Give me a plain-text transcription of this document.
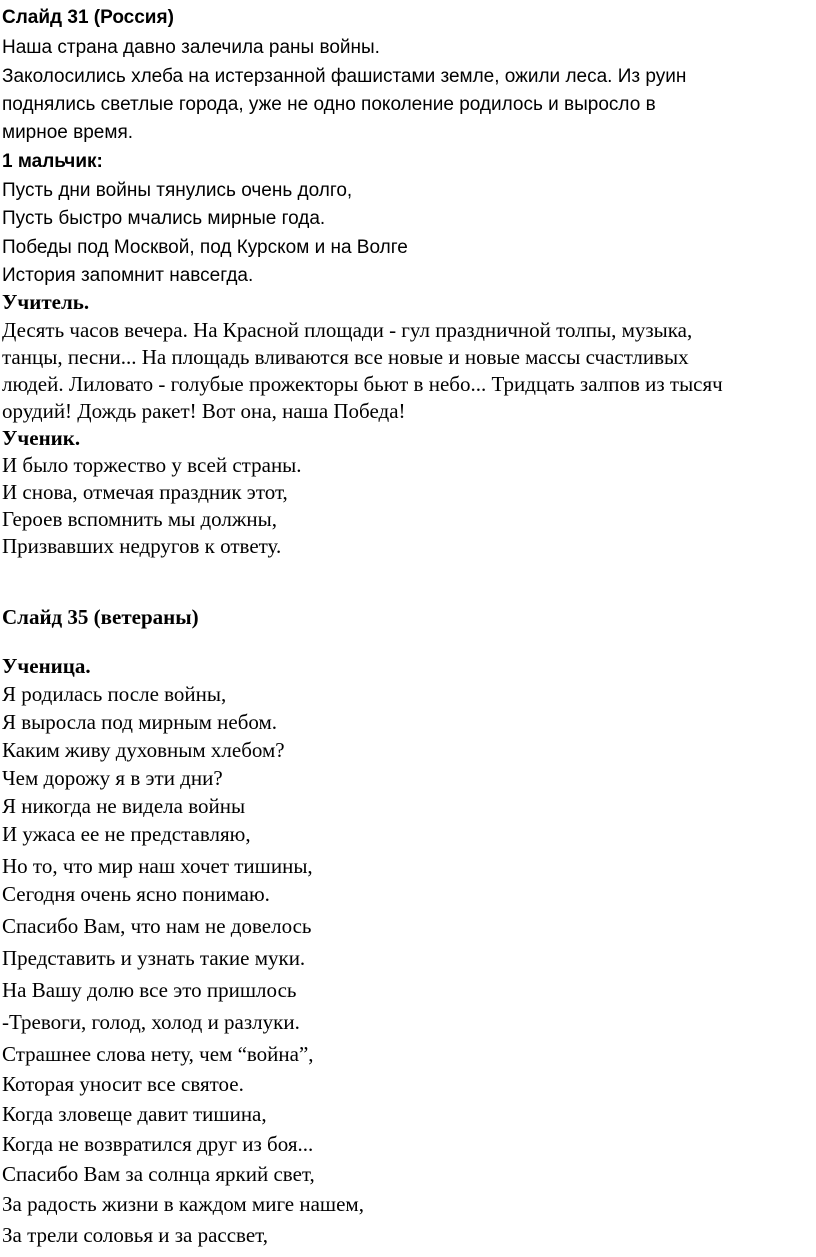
Слайд 31 (Россия)
Наша страна давно залечила раны войны.
Заколосились хлеба на истерзанной фашистами земле, ожили леса. Из руин
поднялись светлые города, уже не одно поколение родилось и выросло в
мирное время.
1 мальчик:
Пусть дни войны тянулись очень долго,
Пусть быстро мчались мирные года.
Победы под Москвой, под Курском и на Волге
История запомнит навсегда.
Учитель.
Десять часов вечера. На Красной площади - гул праздничной толпы, музыка,
танцы, песни... На площадь вливаются все новые и новые массы счастливых
людей. Лиловато - голубые прожекторы бьют в небо... Тридцать залпов из тысяч
орудий! Дождь ракет! Вот она, наша Победа!
Ученик.
И было торжество у всей страны.
И снова, отмечая праздник этот,
Героев вспомнить мы должны,
Призвавших недругов к ответу.
Слайд 35 (ветераны)
Ученица.
Я родилась после войны,
Я выросла под мирным небом.
Каким живу духовным хлебом?
Чем дорожу я в эти дни?
Я никогда не видела войны
И ужаса ее не представляю,
Но то, что мир наш хочет тишины,
Сегодня очень ясно понимаю.
Спасибо Вам, что нам не довелось
Представить и узнать такие муки.
На Вашу долю все это пришлось
-Тревоги, голод, холод и разлуки.
Страшнее слова нету, чем “война”,
Которая уносит все святое.
Когда зловеще давит тишина,
Когда не возвратился друг из боя...
Спасибо Вам за солнца яркий свет,
За радость жизни в каждом миге нашем,
За трели соловья и за рассвет,
